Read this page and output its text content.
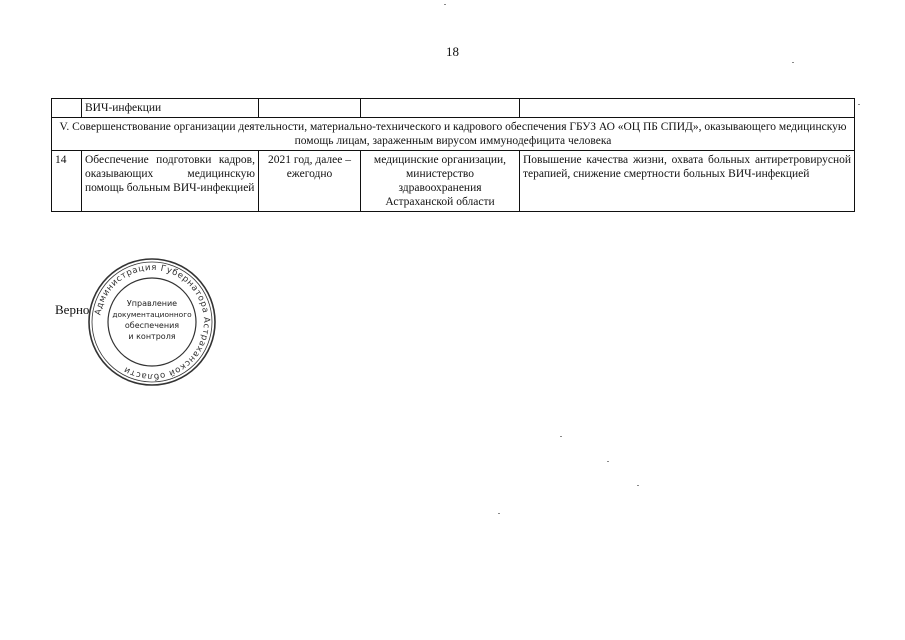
18
	ВИЧ-инфекции			
V. Совершенствование организации деятельности, материально-технического и кадрового обеспечения ГБУЗ АО «ОЦ ПБ СПИД», оказывающего медицинскую помощь лицам, зараженным вирусом иммунодефицита человека				
14	Обеспечение подготовки кадров, оказывающих медицинскую помощь больным ВИЧ-инфекцией	2021 год, далее – ежегодно	медицинские организации, министерство здравоохранения Астраханской области	Повышение качества жизни, охвата больных антиретровирусной терапией, снижение смертности больных ВИЧ-инфекцией
Верно Администрация Губернатора Астраханской области
Управление
документационного
обеспечения
и контроля
